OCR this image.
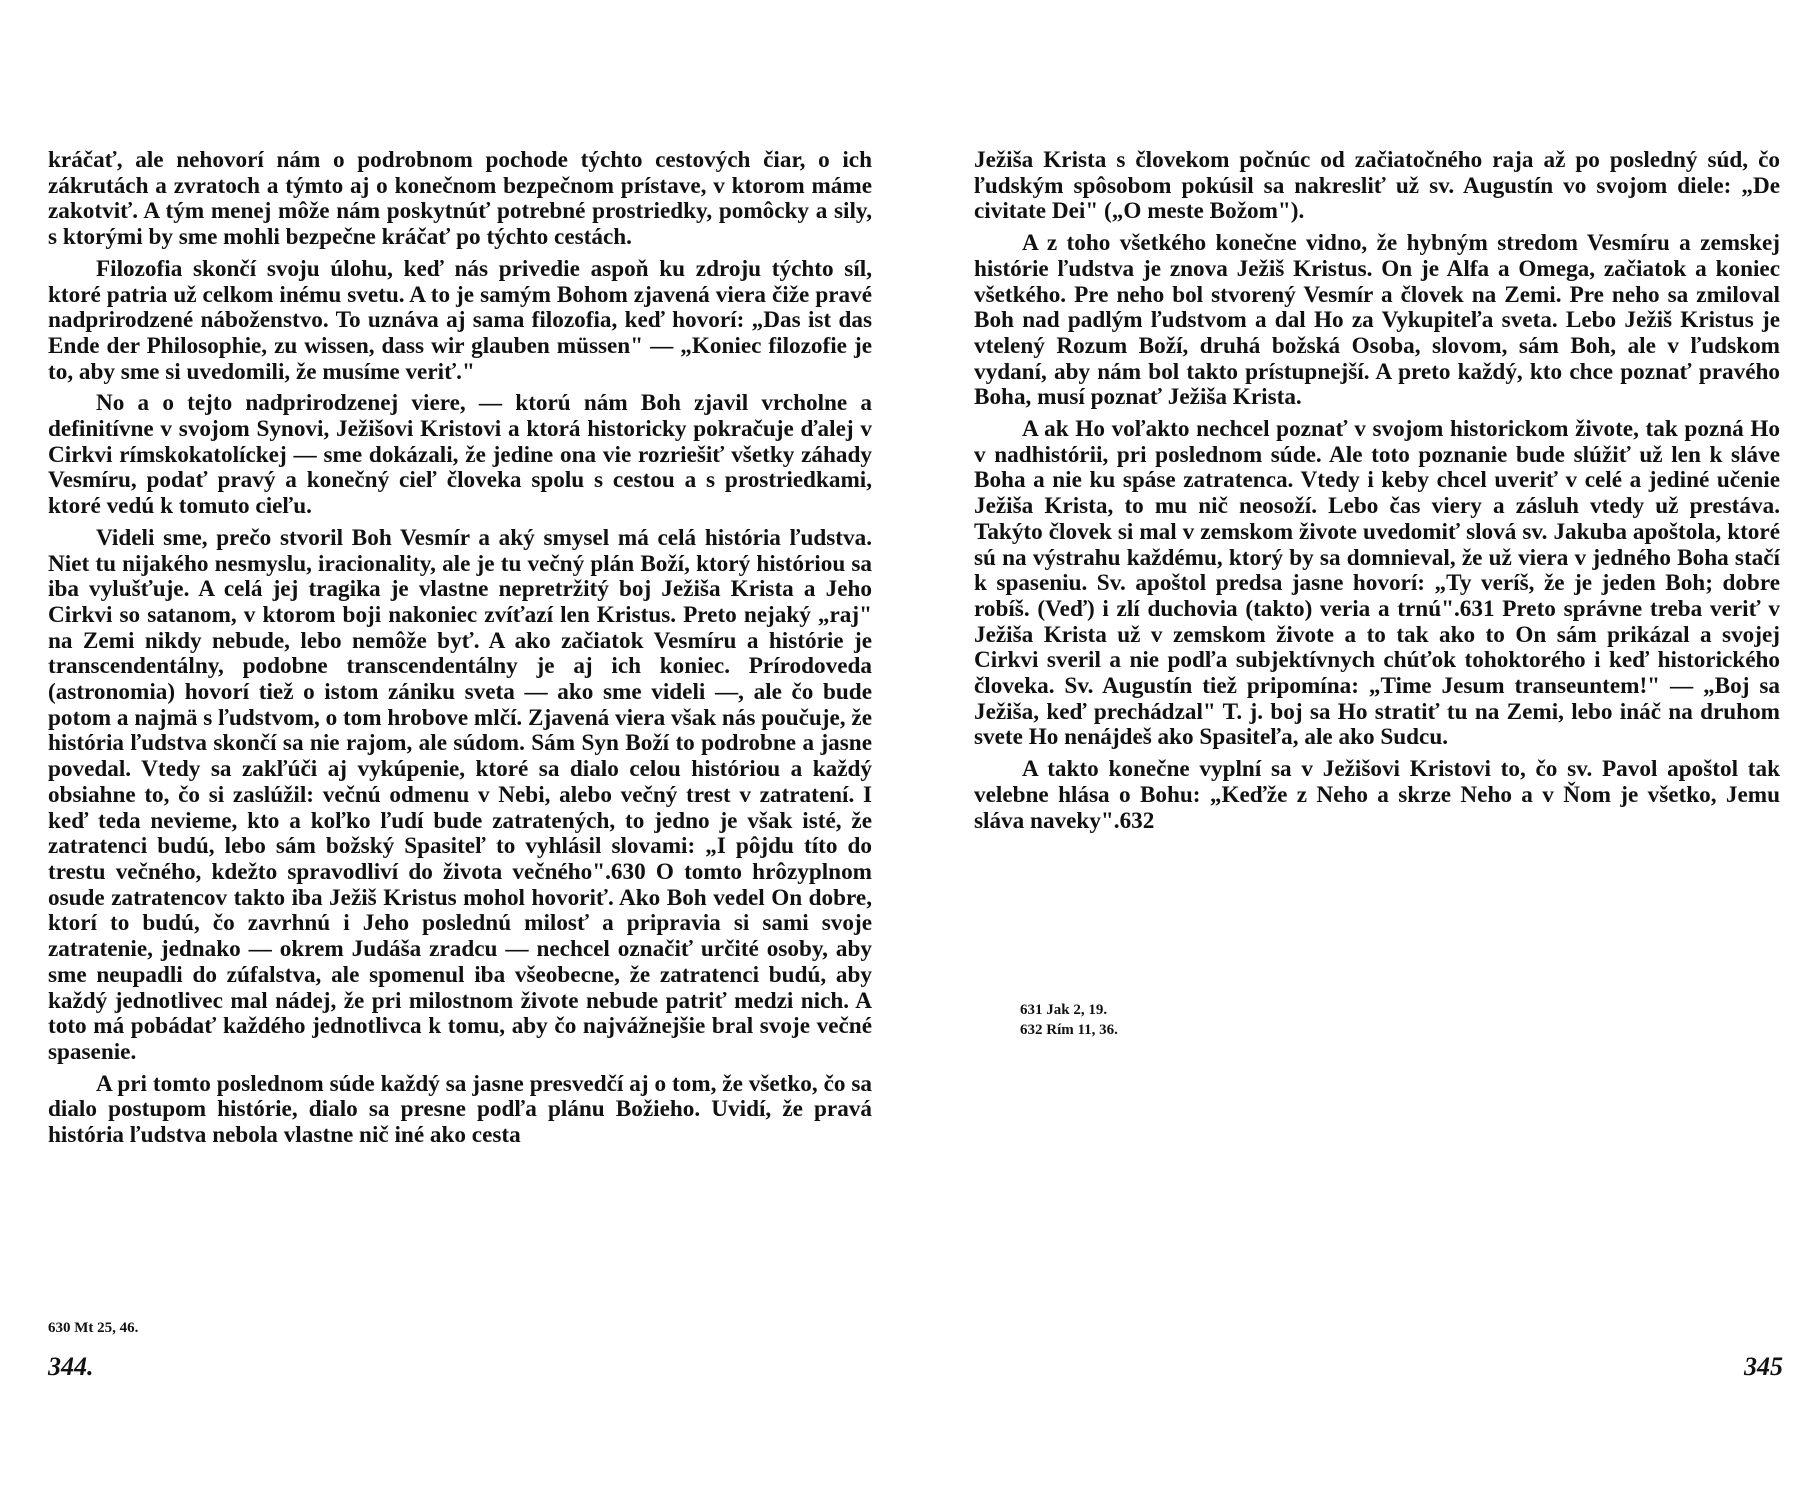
kráčať, ale nehovorí nám o podrobnom pochode týchto cestových čiar, o ich zákrutách a zvratoch a týmto aj o konečnom bezpečnom prístave, v ktorom máme zakotviť. A tým menej môže nám poskytnúť potrebné prostriedky, pomôcky a sily, s ktorými by sme mohli bezpečne kráčať po týchto cestách.

Filozofia skončí svoju úlohu, keď nás privedie aspoň ku zdroju týchto síl, ktoré patria už celkom inému svetu. A to je samým Bohom zjavená viera čiže pravé nadprirodzené náboženstvo. To uznáva aj sama filozofia, keď hovorí: „Das ist das Ende der Philosophie, zu wissen, dass wir glauben müssen" — „Koniec filozofie je to, aby sme si uvedomili, že musíme veriť."

No a o tejto nadprirodzenej viere, — ktorú nám Boh zjavil vrcholne a definitívne v svojom Synovi, Ježišovi Kristovi a ktorá historicky pokračuje ďalej v Cirkvi rímskokatolíckej — sme dokázali, že jedine ona vie rozriešiť všetky záhady Vesmíru, podať pravý a konečný cieľ človeka spolu s cestou a s prostriedkami, ktoré vedú k tomuto cieľu.

Videli sme, prečo stvoril Boh Vesmír a aký smysel má celá história ľudstva. Niet tu nijakého nesmyslu, iracionality, ale je tu večný plán Boží, ktorý históriou sa iba vylušťuje. A celá jej tragika je vlastne nepretržitý boj Ježiša Krista a Jeho Cirkvi so satanom, v ktorom boji nakoniec zvíťazí len Kristus. Preto nejaký „raj" na Zemi nikdy nebude, lebo nemôže byť. A ako začiatok Vesmíru a histórie je transcendentálny, podobne transcendentálny je aj ich koniec. Prírodoveda (astronomia) hovorí tiež o istom zániku sveta — ako sme videli —, ale čo bude potom a najmä s ľudstvom, o tom hrobove mlčí. Zjavená viera však nás poučuje, že história ľudstva skončí sa nie rajom, ale súdom. Sám Syn Boží to podrobne a jasne povedal. Vtedy sa zakľúči aj vykúpenie, ktoré sa dialo celou históriou a každý obsiahne to, čo si zaslúžil: večnú odmenu v Nebi, alebo večný trest v zatratení. I keď teda nevieme, kto a koľko ľudí bude zatratených, to jedno je však isté, že zatratenci budú, lebo sám božský Spasiteľ to vyhlásil slovami: „I pôjdu títo do trestu večného, kdežto spravodliví do života večného".630 O tomto hrôzyplnom osude zatratencov takto iba Ježiš Kristus mohol hovoriť. Ako Boh vedel On dobre, ktorí to budú, čo zavrhnú i Jeho poslednú milosť a pripravia si sami svoje zatratenie, jednako — okrem Judáša zradcu — nechcel označiť určité osoby, aby sme neupadli do zúfalstva, ale spomenul iba všeobecne, že zatratenci budú, aby každý jednotlivec mal nádej, že pri milostnom živote nebude patriť medzi nich. A toto má pobádať každého jednotlivca k tomu, aby čo najvážnejšie bral svoje večné spasenie.

A pri tomto poslednom súde každý sa jasne presvedčí aj o tom, že všetko, čo sa dialo postupom histórie, dialo sa presne podľa plánu Božieho. Uvidí, že pravá história ľudstva nebola vlastne nič iné ako cesta

630 Mt 25, 46.
344.

Ježiša Krista s človekom počnúc od začiatočného raja až po posledný súd, čo ľudským spôsobom pokúsil sa nakresliť už sv. Augustín vo svojom diele: „De civitate Dei" („O meste Božom").

A z toho všetkého konečne vidno, že hybným stredom Vesmíru a zemskej histórie ľudstva je znova Ježiš Kristus. On je Alfa a Omega, začiatok a koniec všetkého. Pre neho bol stvorený Vesmír a človek na Zemi. Pre neho sa zmiloval Boh nad padlým ľudstvom a dal Ho za Vykupiteľa sveta. Lebo Ježiš Kristus je vtelený Rozum Boží, druhá božská Osoba, slovom, sám Boh, ale v ľudskom vydaní, aby nám bol takto prístupnejší. A preto každý, kto chce poznať pravého Boha, musí poznať Ježiša Krista.

A ak Ho voľakto nechcel poznať v svojom historickom živote, tak pozná Ho v nadhistórii, pri poslednom súde. Ale toto poznanie bude slúžiť už len k sláve Boha a nie ku spáse zatratenca. Vtedy i keby chcel uveriť v celé a jediné učenie Ježiša Krista, to mu nič neosoží. Lebo čas viery a zásluh vtedy už prestáva. Takýto človek si mal v zemskom živote uvedomiť slová sv. Jakuba apoštola, ktoré sú na výstrahu každému, ktorý by sa domnieval, že už viera v jedného Boha stačí k spaseniu. Sv. apoštol predsa jasne hovorí: „Ty veríš, že je jeden Boh; dobre robíš. (Veď) i zlí duchovia (takto) veria a trnú".631 Preto správne treba veriť v Ježiša Krista už v zemskom živote a to tak ako to On sám prikázal a svojej Cirkvi sveril a nie podľa subjektívnych chúťok tohoktorého i keď historického človeka. Sv. Augustín tiež pripomína: „Time Jesum transeuntem!" — „Boj sa Ježiša, keď prechádzal" T. j. boj sa Ho stratiť tu na Zemi, lebo ináč na druhom svete Ho nenájdeš ako Spasiteľa, ale ako Sudcu.

A takto konečne vyplní sa v Ježišovi Kristovi to, čo sv. Pavol apoštol tak velebne hlása o Bohu: „Keďže z Neho a skrze Neho a v Ňom je všetko, Jemu sláva naveky".632

631 Jak 2, 19.
632 Rím 11, 36.
345
